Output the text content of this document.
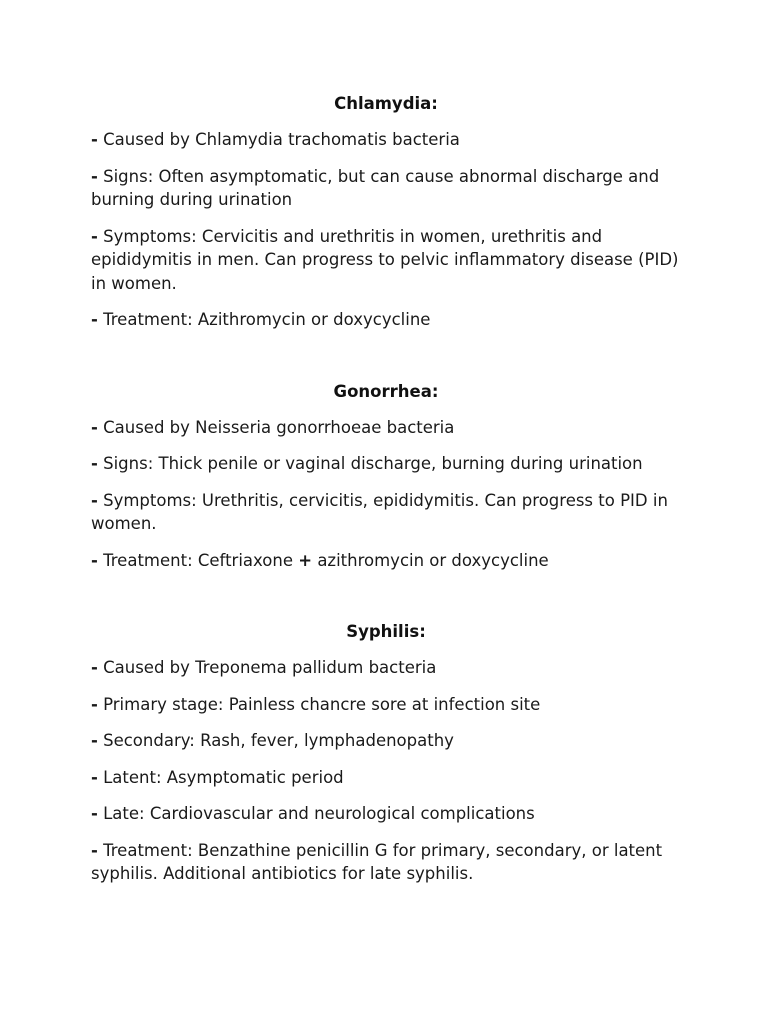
Chlamydia:
- Caused by Chlamydia trachomatis bacteria
- Signs: Often asymptomatic, but can cause abnormal discharge and burning during urination
- Symptoms: Cervicitis and urethritis in women, urethritis and epididymitis in men. Can progress to pelvic inflammatory disease (PID) in women.
- Treatment: Azithromycin or doxycycline
Gonorrhea:
- Caused by Neisseria gonorrhoeae bacteria
- Signs: Thick penile or vaginal discharge, burning during urination
- Symptoms: Urethritis, cervicitis, epididymitis. Can progress to PID in women.
- Treatment: Ceftriaxone + azithromycin or doxycycline
Syphilis:
- Caused by Treponema pallidum bacteria
- Primary stage: Painless chancre sore at infection site
- Secondary: Rash, fever, lymphadenopathy
- Latent: Asymptomatic period
- Late: Cardiovascular and neurological complications
- Treatment: Benzathine penicillin G for primary, secondary, or latent syphilis. Additional antibiotics for late syphilis.
